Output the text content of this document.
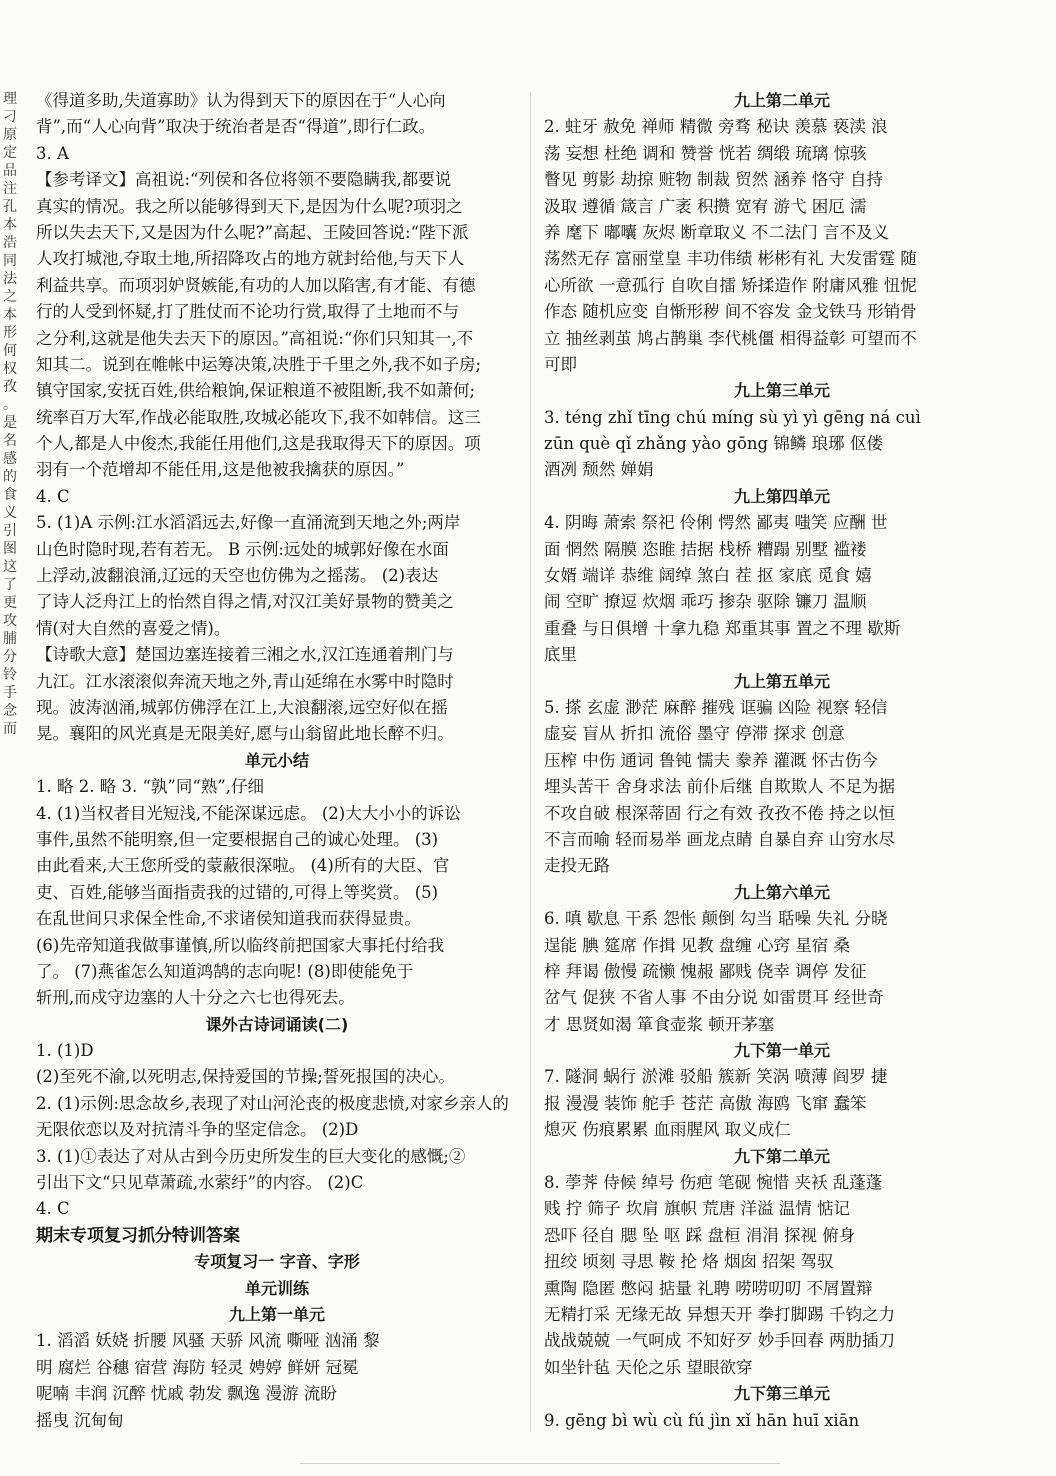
理
刁
原
定
品
注
孔
本
浩
同
法
之
本
形
何
权
孜
。
是
名
感
的
食
义
引
图
这
了
更
攻
脯
分
铃
手
念
而
《得道多助,失道寡助》认为得到天下的原因在于“人心向
背”,而“人心向背”取决于统治者是否“得道”,即行仁政。
3. A
【参考译文】高祖说:“列侯和各位将领不要隐瞒我,都要说
真实的情况。我之所以能够得到天下,是因为什么呢?项羽之
所以失去天下,又是因为什么呢?”高起、王陵回答说:“陛下派
人攻打城池,夺取土地,所招降攻占的地方就封给他,与天下人
利益共享。而项羽妒贤嫉能,有功的人加以陷害,有才能、有德
行的人受到怀疑,打了胜仗而不论功行赏,取得了土地而不与
之分利,这就是他失去天下的原因。”高祖说:“你们只知其一,不
知其二。说到在帷帐中运筹决策,决胜于千里之外,我不如子房;
镇守国家,安抚百姓,供给粮饷,保证粮道不被阻断,我不如萧何;
统率百万大军,作战必能取胜,攻城必能攻下,我不如韩信。这三
个人,都是人中俊杰,我能任用他们,这是我取得天下的原因。项
羽有一个范增却不能任用,这是他被我擒获的原因。”
4. C
5. (1)A 示例:江水滔滔远去,好像一直涌流到天地之外;两岸
山色时隐时现,若有若无。 B 示例:远处的城郭好像在水面
上浮动,波翻浪涌,辽远的天空也仿佛为之摇荡。 (2)表达
了诗人泛舟江上的怡然自得之情,对汉江美好景物的赞美之
情(对大自然的喜爱之情)。
【诗歌大意】楚国边塞连接着三湘之水,汉江连通着荆门与
九江。江水滚滚似奔流天地之外,青山延绵在水雾中时隐时
现。波涛汹涌,城郭仿佛浮在江上,大浪翻滚,远空好似在摇
晃。襄阳的风光真是无限美好,愿与山翁留此地长醉不归。
单元小结
1. 略 2. 略 3. “孰”同“熟”,仔细
4. (1)当权者目光短浅,不能深谋远虑。 (2)大大小小的诉讼
事件,虽然不能明察,但一定要根据自己的诚心处理。 (3)
由此看来,大王您所受的蒙蔽很深啦。 (4)所有的大臣、官
吏、百姓,能够当面指责我的过错的,可得上等奖赏。 (5)
在乱世间只求保全性命,不求诸侯知道我而获得显贵。
(6)先帝知道我做事谨慎,所以临终前把国家大事托付给我
了。 (7)燕雀怎么知道鸿鹄的志向呢! (8)即使能免于
斩刑,而戍守边塞的人十分之六七也得死去。
课外古诗词诵读(二)
1. (1)D
(2)至死不渝,以死明志,保持爱国的节操;誓死报国的决心。
2. (1)示例:思念故乡,表现了对山河沦丧的极度悲愤,对家乡亲人的
无限依恋以及对抗清斗争的坚定信念。 (2)D
3. (1)①表达了对从古到今历史所发生的巨大变化的感慨;②
引出下文“只见草萧疏,水萦纡”的内容。 (2)C
4. C
期末专项复习抓分特训答案
专项复习一 字音、字形
单元训练
九上第一单元
1. 滔滔 妖娆 折腰 风骚 天骄 风流 嘶哑 汹涌 黎
明 腐烂 谷穗 宿营 海防 轻灵 娉婷 鲜妍 冠冕
呢喃 丰润 沉醉 忧戚 勃发 飘逸 漫游 流盼
摇曳 沉甸甸
九上第二单元
2. 蛀牙 赦免 禅师 精微 旁骛 秘诀 羡慕 亵渎 浪
荡 妄想 杜绝 调和 赞誉 恍若 绸缎 琉璃 惊骇
瞥见 剪影 劫掠 赃物 制裁 贸然 涵养 恪守 自持
汲取 遵循 箴言 广袤 积攒 宽宥 游弋 困厄 濡
养 麾下 嘟囔 灰烬 断章取义 不二法门 言不及义
荡然无存 富丽堂皇 丰功伟绩 彬彬有礼 大发雷霆 随
心所欲 一意孤行 自吹自擂 矫揉造作 附庸风雅 忸怩
作态 随机应变 自惭形秽 间不容发 金戈铁马 形销骨
立 抽丝剥茧 鸠占鹊巢 李代桃僵 相得益彰 可望而不
可即
九上第三单元
3. téng zhǐ tīng chú míng sù yì yì gēng ná cuì
zūn què qǐ zhǎng yào gōng 锦鳞 琅琊 伛偻
酒冽 颓然 婵娟
九上第四单元
4. 阴晦 萧索 祭祀 伶俐 愕然 鄙夷 嗤笑 应酬 世
面 惘然 隔膜 恣睢 拮据 栈桥 糟蹋 别墅 褴褛
女婿 端详 恭维 阔绰 煞白 茬 抠 家底 觅食 嬉
闹 空旷 撩逗 炊烟 乖巧 掺杂 驱除 镰刀 温顺
重叠 与日俱增 十拿九稳 郑重其事 置之不理 歇斯
底里
九上第五单元
5. 搽 玄虚 渺茫 麻醉 摧残 诓骗 凶险 视察 轻信
虚妄 盲从 折扣 流俗 墨守 停滞 探求 创意
压榨 中伤 通词 鲁钝 懦夫 豢养 灌溉 怀古伤今
埋头苦干 舍身求法 前仆后继 自欺欺人 不足为据
不攻自破 根深蒂固 行之有效 孜孜不倦 持之以恒
不言而喻 轻而易举 画龙点睛 自暴自弃 山穷水尽
走投无路
九上第六单元
6. 嗔 歇息 干系 怨怅 颠倒 勾当 聒噪 失礼 分晓
逞能 腆 筵席 作揖 见教 盘缠 心窍 星宿 桑
梓 拜谒 傲慢 疏懒 愧赧 鄙贱 侥幸 调停 发征
岔气 促狭 不省人事 不由分说 如雷贯耳 经世奇
才 思贤如渴 箪食壶浆 顿开茅塞
九下第一单元
7. 隧洞 蜗行 淤滩 驳船 簇新 笑涡 喷薄 阎罗 捷
报 漫漫 装饰 舵手 苍茫 高傲 海鸥 飞窜 蠢笨
熄灭 伤痕累累 血雨腥风 取义成仁
九下第二单元
8. 荸荠 侍候 绰号 伤疤 笔砚 惋惜 夹袄 乱蓬蓬
贱 拧 筛子 坎肩 旗帜 荒唐 洋溢 温情 惦记
恐吓 径自 腮 坠 呕 踩 盘桓 涓涓 探视 俯身
扭绞 顷刻 寻思 鞍 抡 烙 烟囱 招架 驾驭
熏陶 隐匿 憋闷 掂量 礼聘 唠唠叨叨 不屑置辩
无精打采 无缘无故 异想天开 拳打脚踢 千钧之力
战战兢兢 一气呵成 不知好歹 妙手回春 两肋插刀
如坐针毡 天伦之乐 望眼欲穿
九下第三单元
9. gēng bì wù cù fú jìn xǐ hān huī xiān
